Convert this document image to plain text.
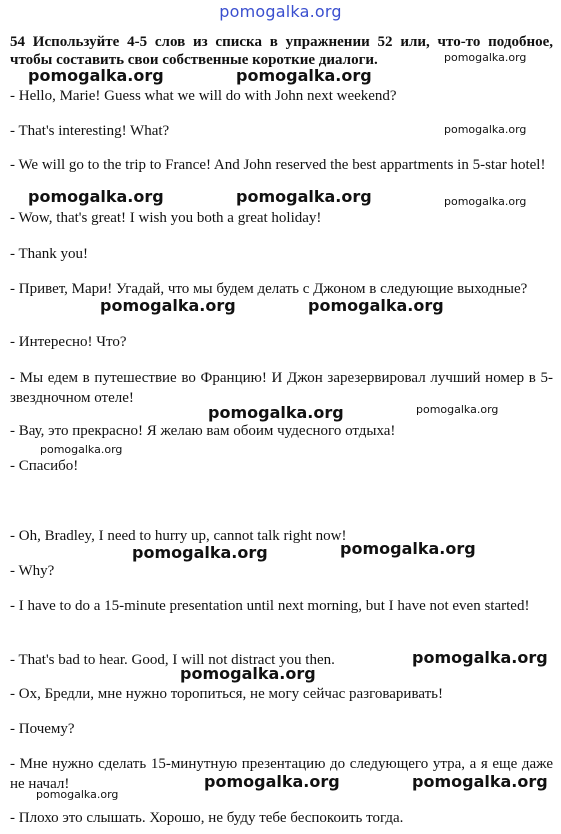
pomogalka.org
54 Используйте 4-5 слов из списка в упражнении 52 или, что-то подобное, чтобы составить свои собственные короткие диалоги.
- Hello, Marie! Guess what we will do with John next weekend?
- That's interesting! What?
- We will go to the trip to France! And John reserved the best appartments in 5-star hotel!
- Wow, that's great! I wish you both a great holiday!
- Thank you!
- Привет, Мари! Угадай, что мы будем делать с Джоном в следующие выходные?
- Интересно! Что?
- Мы едем в путешествие во Францию! И Джон зарезервировал лучший номер в 5-звездночном отеле!
- Вау, это прекрасно! Я желаю вам обоим чудесного отдыха!
- Спасибо!
- Oh, Bradley, I need to hurry up, cannot talk right now!
- Why?
- I have to do a 15-minute presentation until next morning, but I have not even started!
- That's bad to hear. Good, I will not distract you then.
- Ох, Бредли, мне нужно торопиться, не могу сейчас разговаривать!
- Почему?
- Мне нужно сделать 15-минутную презентацию до следующего утра, а я еще даже не начал!
- Плохо это слышать. Хорошо, не буду тебе беспокоить тогда.
pomogalka.org
pomogalka.org	pomogalka.org
pomogalka.org
pomogalka.org	pomogalka.org	pomogalka.org
pomogalka.org	pomogalka.org
pomogalka.org	pomogalka.org
pomogalka.org
pomogalka.org
pomogalka.org
pomogalka.org
pomogalka.org
pomogalka.org	pomogalka.org
pomogalka.org
